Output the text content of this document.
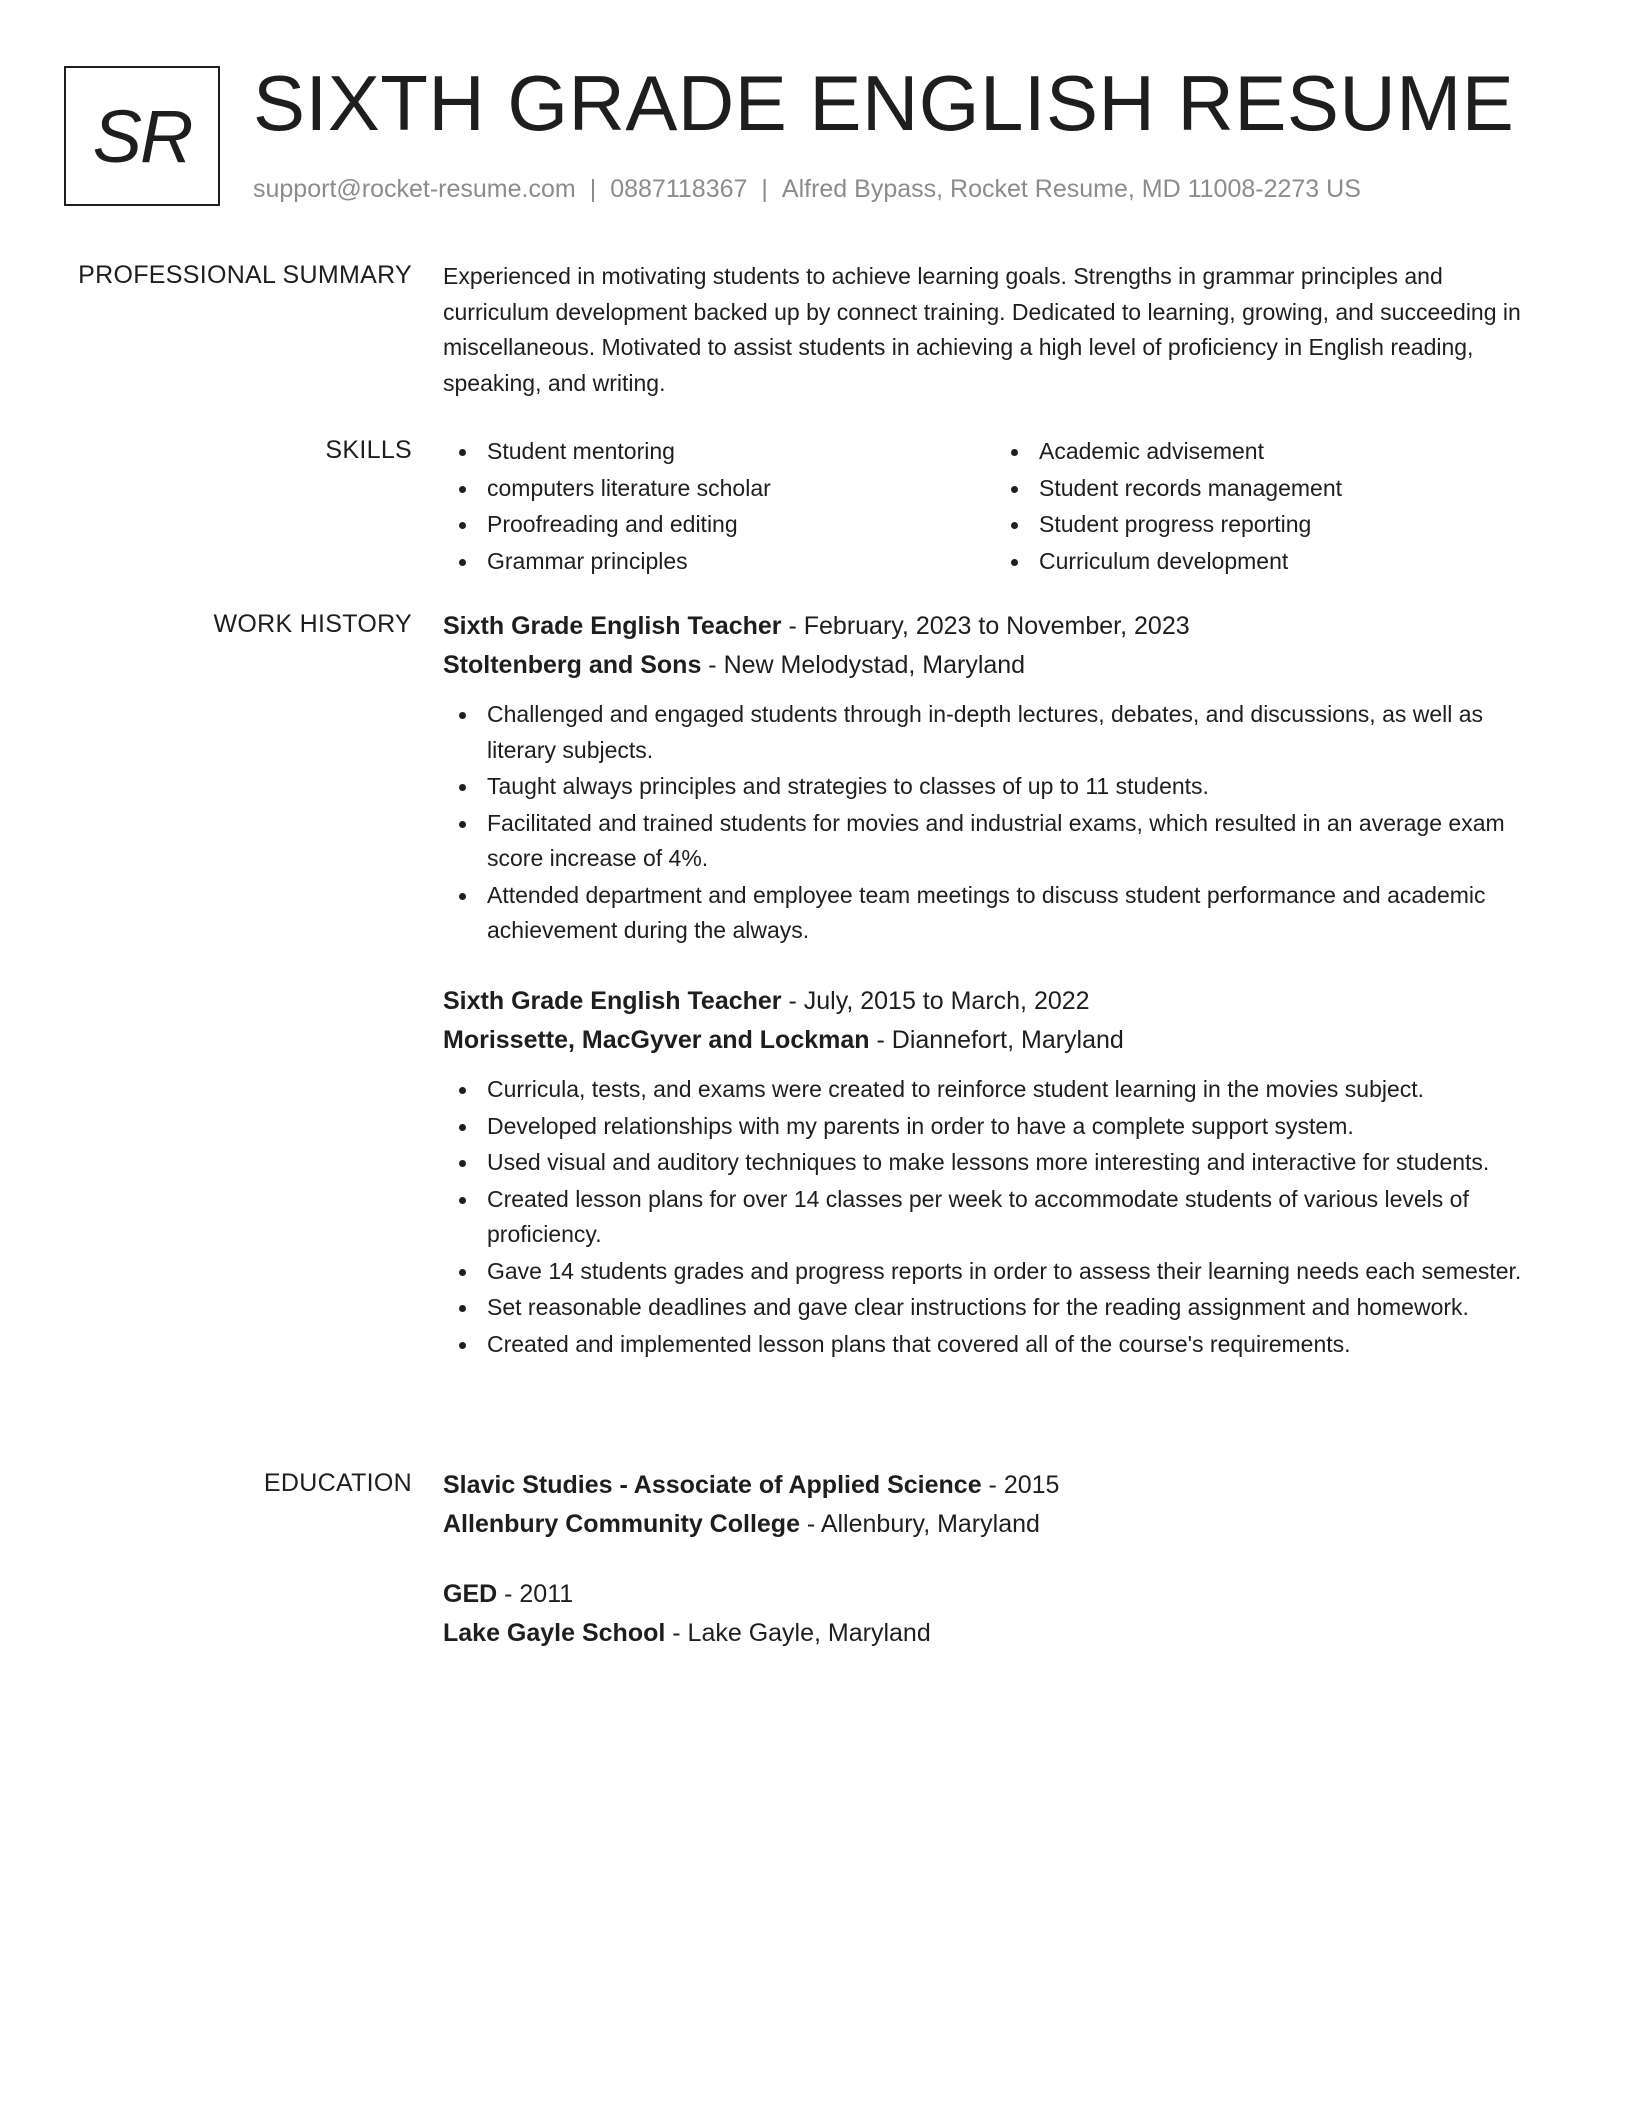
SR SIXTH GRADE ENGLISH RESUME
support@rocket-resume.com | 0887118367 | Alfred Bypass, Rocket Resume, MD 11008-2273 US
PROFESSIONAL SUMMARY Experienced in motivating students to achieve learning goals. Strengths in grammar principles and curriculum development backed up by connect training. Dedicated to learning, growing, and succeeding in miscellaneous. Motivated to assist students in achieving a high level of proficiency in English reading, speaking, and writing.

SKILLS	Student mentoring
computers literature scholar
Proofreading and editing
Grammar principles
Academic advisement
Student records management
Student progress reporting
Curriculum development
WORK HISTORY Sixth Grade English Teacher - February, 2023 to November, 2023
Stoltenberg and Sons - New Melodystad, Maryland
Challenged and engaged students through in-depth lectures, debates, and discussions, as well as literary subjects.
Taught always principles and strategies to classes of up to 11 students.
Facilitated and trained students for movies and industrial exams, which resulted in an average exam score increase of 4%.
Attended department and employee team meetings to discuss student performance and academic achievement during the always.
Sixth Grade English Teacher - July, 2015 to March, 2022
Morissette, MacGyver and Lockman - Diannefort, Maryland
Curricula, tests, and exams were created to reinforce student learning in the movies subject.
Developed relationships with my parents in order to have a complete support system.
Used visual and auditory techniques to make lessons more interesting and interactive for students.
Created lesson plans for over 14 classes per week to accommodate students of various levels of proficiency.
Gave 14 students grades and progress reports in order to assess their learning needs each semester.
Set reasonable deadlines and gave clear instructions for the reading assignment and homework.
Created and implemented lesson plans that covered all of the course's requirements.
EDUCATION Slavic Studies - Associate of Applied Science - 2015
Allenbury Community College - Allenbury, Maryland
GED - 2011
Lake Gayle School - Lake Gayle, Maryland
